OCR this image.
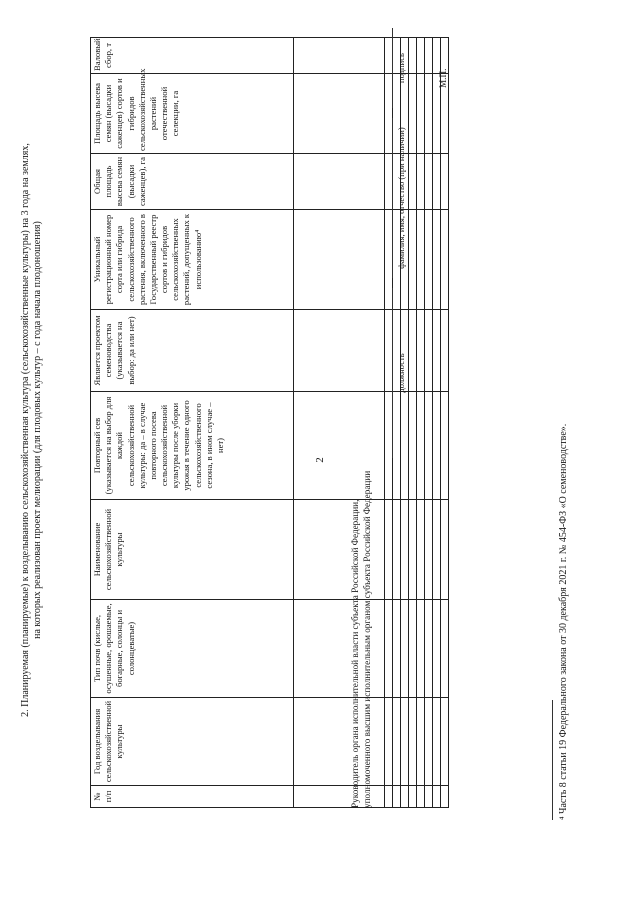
2
2. Планируемая (планируемые) к возделыванию сельскохозяйственная культура (сельскохозяйственные культуры) на 3 года на землях, на которых реализован проект мелиорации (для плодовых культур – с года начала плодоношения)
№ п/п	Год возделывания сельскохозяйственной культуры	Тип почв (кислые, осушенные, орошаемые, богарные, солонцы и солонцеватые)	Наименование сельскохозяйственной культуры	Повторный сев (указывается на выбор для каждой сельскохозяйственной культуры: да – в случае повторного посева сельскохозяйственной культуры после уборки урожая в течение одного сельскохозяйственного сезона, в ином случае – нет)	Является проектом семеноводства (указывается на выбор: да или нет)	Уникальный регистрационный номер сорта или гибрида сельскохозяйственного растения, включенного в Государственный реестр сортов и гибридов сельскохозяйственных растений, допущенных к использованию⁴	Общая площадь высева семян (высадки саженцев), га	Площадь высева семян (высадки саженцев) сортов и гибридов сельскохозяйственных растений отечественной селекции, га	Валовый сбор, т

Руководитель органа исполнительной власти субъекта Российской Федерации, уполномоченного высшим исполнительным органом субъекта Российской Федерации
должность
фамилия, имя, отчество (при наличии)
подпись	М.П.
⁴ Часть 8 статьи 19 Федерального закона от 30 декабря 2021 г. № 454-ФЗ «О семеноводстве».
